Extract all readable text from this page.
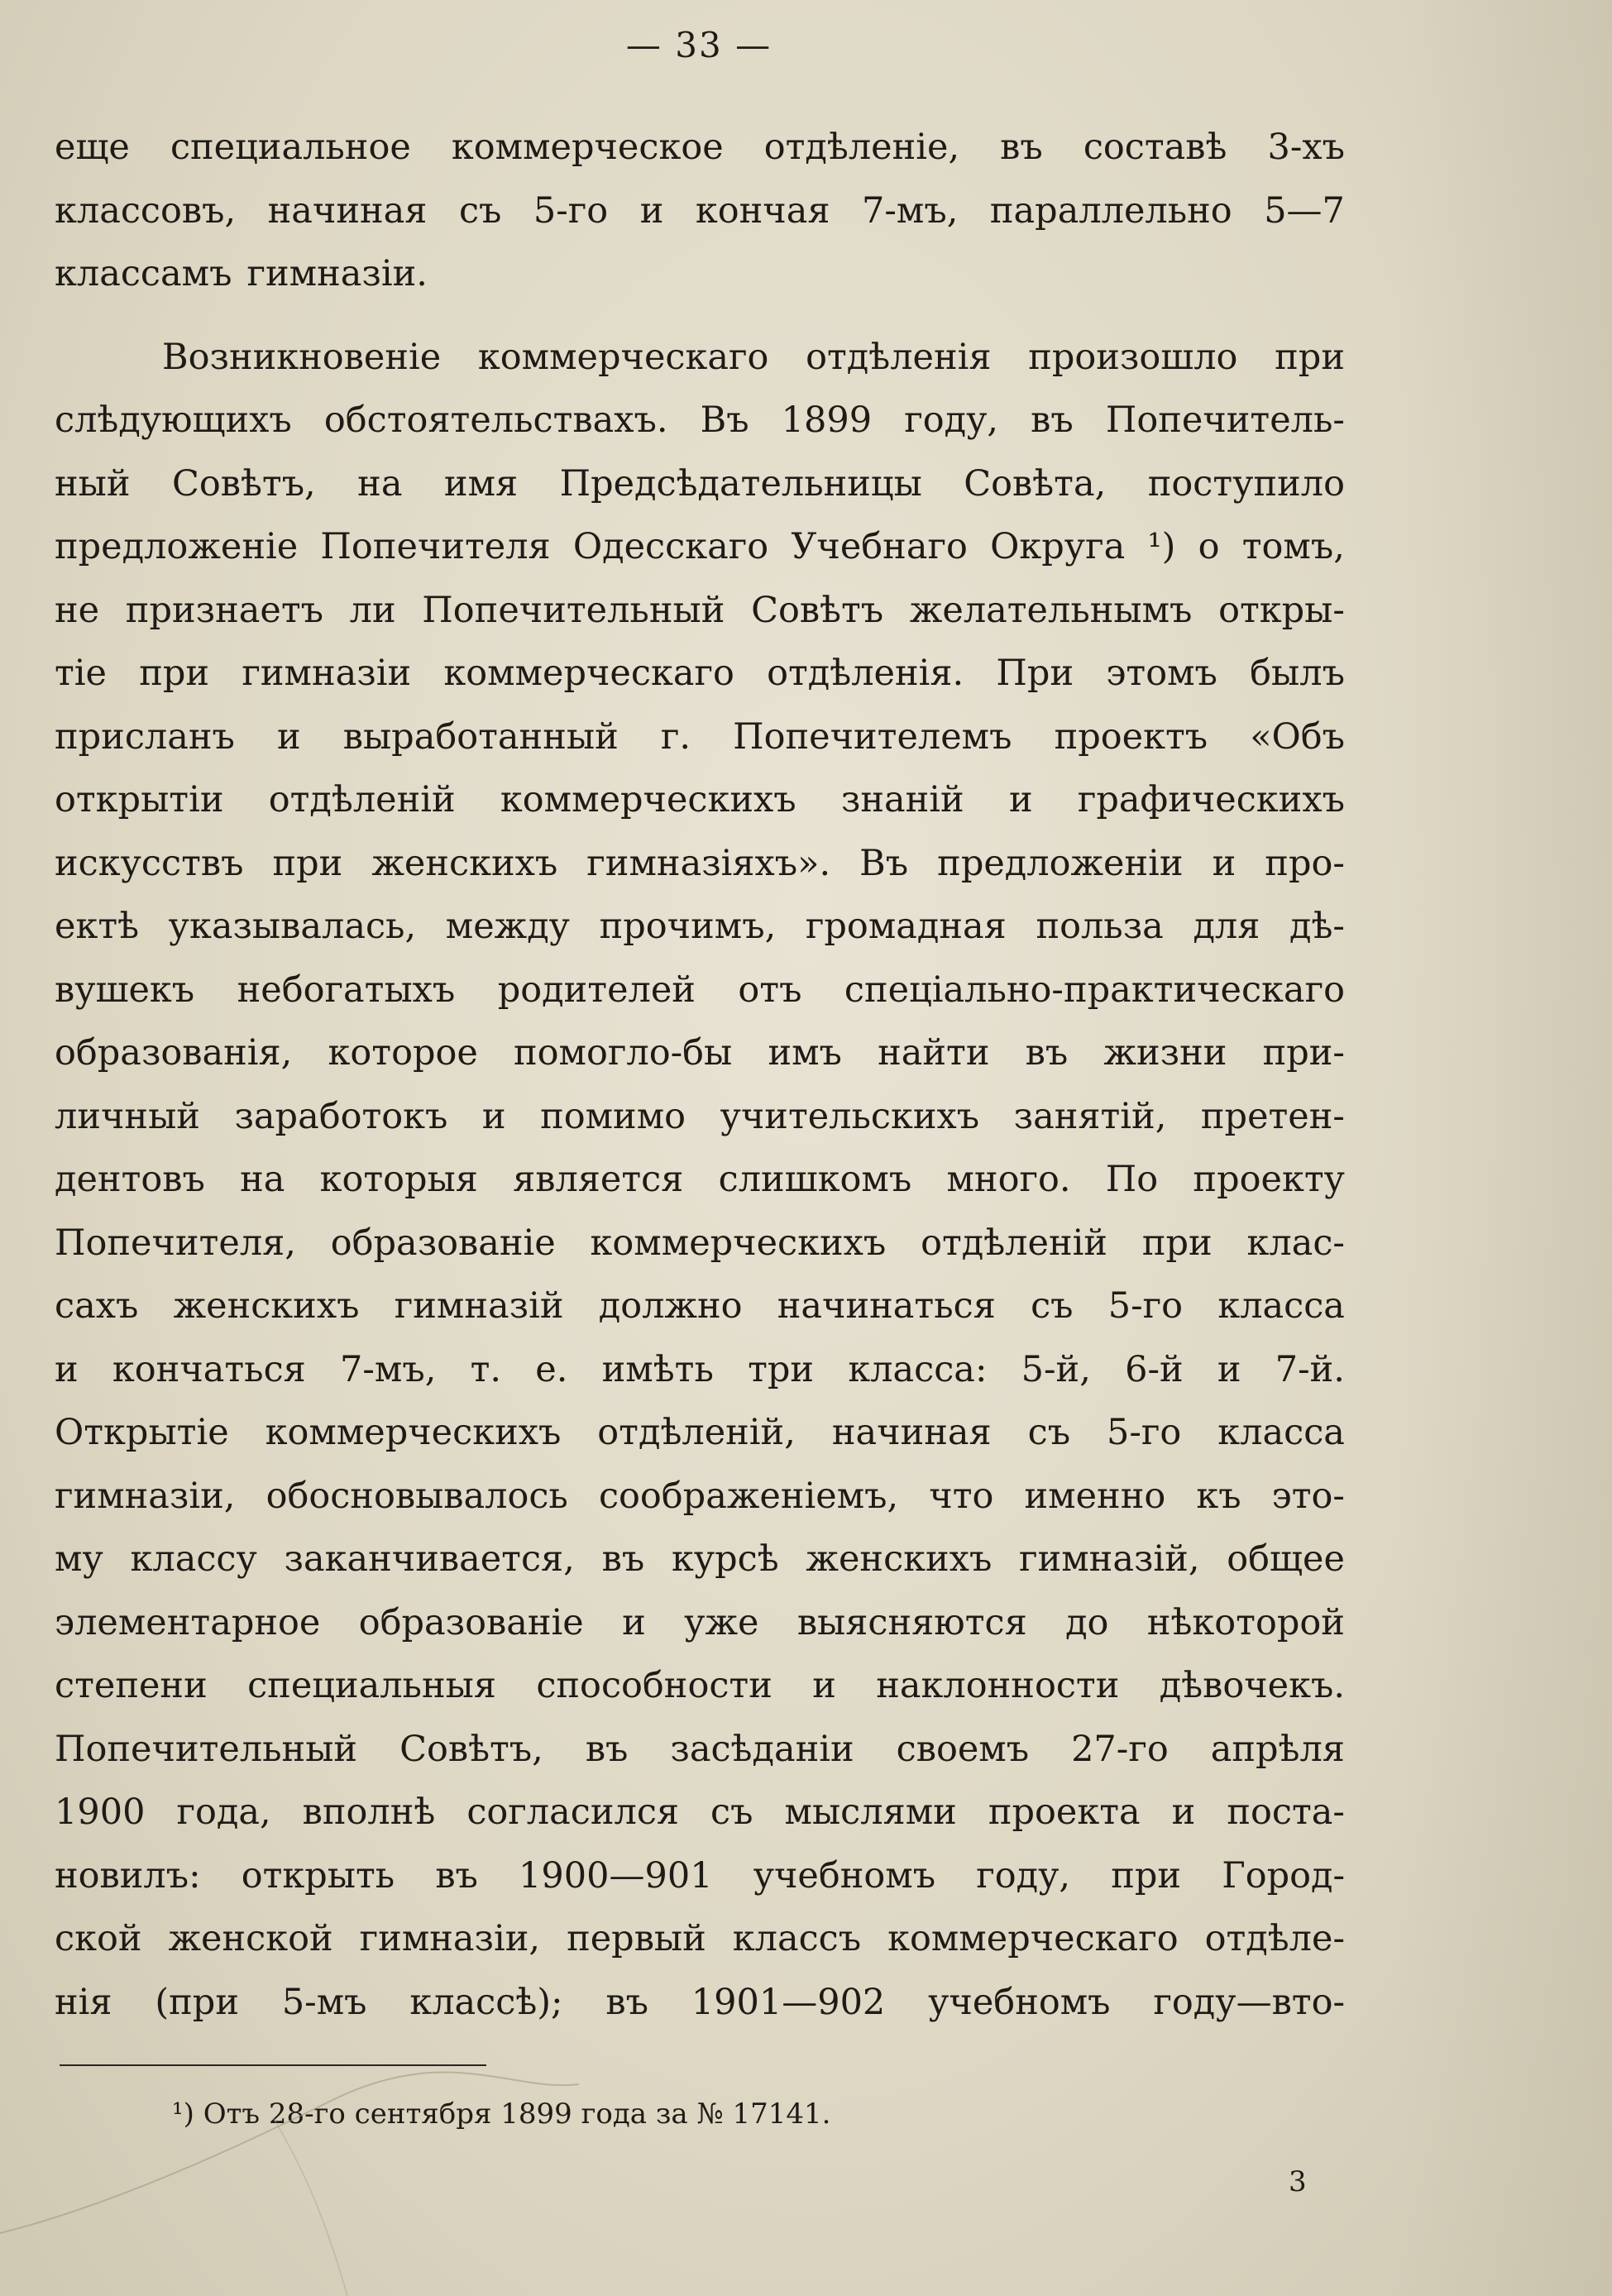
— 33 —
еще специальное коммерческое отдѣленіе, въ составѣ 3-хъ
классовъ, начиная съ 5-го и кончая 7-мъ, параллельно 5—7
классамъ гимназіи.
Возникновеніе коммерческаго отдѣленія произошло при
слѣдующихъ обстоятельствахъ. Въ 1899 году, въ Попечитель-
ный Совѣтъ, на имя Предсѣдательницы Совѣта, поступило
предложеніе Попечителя Одесскаго Учебнаго Округа ¹) о томъ,
не признаетъ ли Попечительный Совѣтъ желательнымъ откры-
тіе при гимназіи коммерческаго отдѣленія. При этомъ былъ
присланъ и выработанный г. Попечителемъ проектъ «Объ
открытіи отдѣленій коммерческихъ знаній и графическихъ
искусствъ при женскихъ гимназіяхъ». Въ предложеніи и про-
ектѣ указывалась, между прочимъ, громадная польза для дѣ-
вушекъ небогатыхъ родителей отъ спеціально-практическаго
образованія, которое помогло-бы имъ найти въ жизни при-
личный заработокъ и помимо учительскихъ занятій, претен-
дентовъ на которыя является слишкомъ много. По проекту
Попечителя, образованіе коммерческихъ отдѣленій при клас-
сахъ женскихъ гимназій должно начинаться съ 5-го класса
и кончаться 7-мъ, т. е. имѣть три класса: 5-й, 6-й и 7-й.
Открытіе коммерческихъ отдѣленій, начиная съ 5-го класса
гимназіи, обосновывалось соображеніемъ, что именно къ это-
му классу заканчивается, въ курсѣ женскихъ гимназій, общее
элементарное образованіе и уже выясняются до нѣкоторой
степени специальныя способности и наклонности дѣвочекъ.
Попечительный Совѣтъ, въ засѣданіи своемъ 27-го апрѣля
1900 года, вполнѣ согласился съ мыслями проекта и поста-
новилъ: открыть въ 1900—901 учебномъ году, при Город-
ской женской гимназіи, первый классъ коммерческаго отдѣле-
нія (при 5-мъ классѣ); въ 1901—902 учебномъ году—вто-
¹) Отъ 28-го сентября 1899 года за № 17141.
3
